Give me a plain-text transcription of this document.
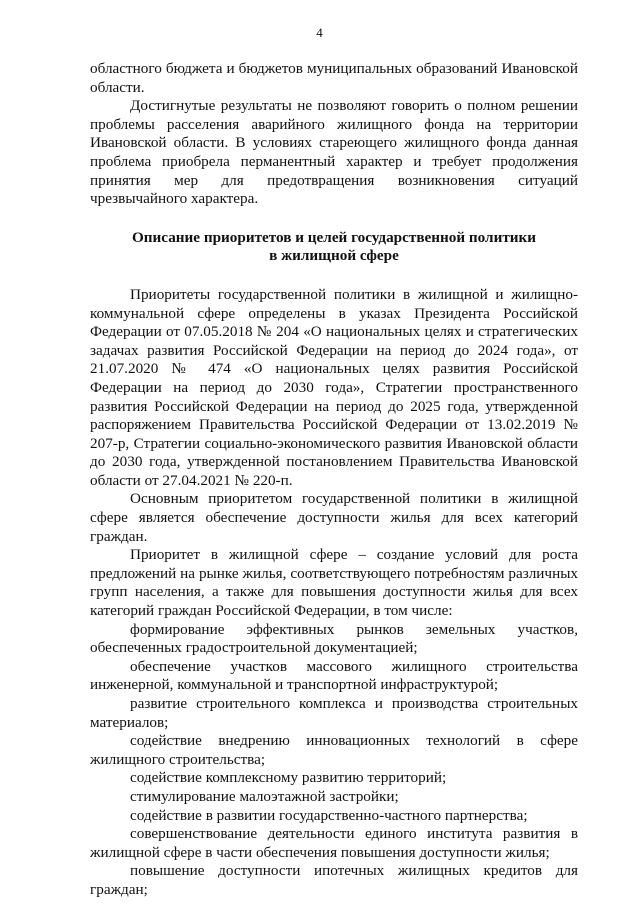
4

областного бюджета и бюджетов муниципальных образований Ивановской области.

Достигнутые результаты не позволяют говорить о полном решении проблемы расселения аварийного жилищного фонда на территории Ивановской области. В условиях стареющего жилищного фонда данная проблема приобрела перманентный характер и требует продолжения принятия мер для предотвращения возникновения ситуаций чрезвычайного характера.

Описание приоритетов и целей государственной политики
в жилищной сфере

Приоритеты государственной политики в жилищной и жилищно-коммунальной сфере определены в указах Президента Российской Федерации от 07.05.2018 № 204 «О национальных целях и стратегических задачах развития Российской Федерации на период до 2024 года», от 21.07.2020 № 474 «О национальных целях развития Российской Федерации на период до 2030 года», Стратегии пространственного развития Российской Федерации на период до 2025 года, утвержденной распоряжением Правительства Российской Федерации от 13.02.2019 № 207-р, Стратегии социально-экономического развития Ивановской области до 2030 года, утвержденной постановлением Правительства Ивановской области от 27.04.2021 № 220-п.

Основным приоритетом государственной политики в жилищной сфере является обеспечение доступности жилья для всех категорий граждан.

Приоритет в жилищной сфере – создание условий для роста предложений на рынке жилья, соответствующего потребностям различных групп населения, а также для повышения доступности жилья для всех категорий граждан Российской Федерации, в том числе:

формирование эффективных рынков земельных участков, обеспеченных градостроительной документацией;

обеспечение участков массового жилищного строительства инженерной, коммунальной и транспортной инфраструктурой;

развитие строительного комплекса и производства строительных материалов;

содействие внедрению инновационных технологий в сфере жилищного строительства;

содействие комплексному развитию территорий;

стимулирование малоэтажной застройки;

содействие в развитии государственно-частного партнерства;

совершенствование деятельности единого института развития в жилищной сфере в части обеспечения повышения доступности жилья;

повышение доступности ипотечных жилищных кредитов для граждан;
